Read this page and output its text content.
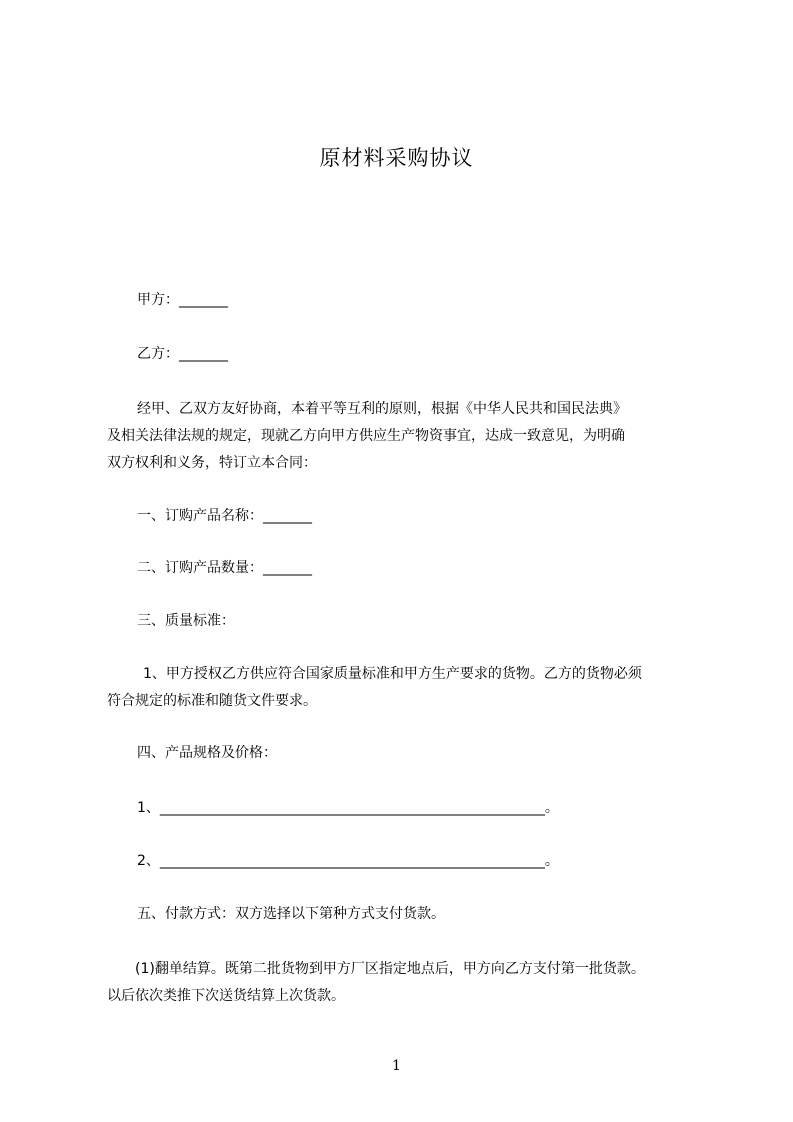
原材料采购协议
甲方：_______
乙方：_______
经甲、乙双方友好协商，本着平等互利的原则，根据《中华人民共和国民法典》
及相关法律法规的规定，现就乙方向甲方供应生产物资事宜，达成一致意见，为明确
双方权利和义务，特订立本合同：
一、订购产品名称：_______
二、订购产品数量：_______
三、质量标准：
1、甲方授权乙方供应符合国家质量标准和甲方生产要求的货物。乙方的货物必须
符合规定的标准和随货文件要求。
四、产品规格及价格：
1、_______________________________________________________。
2、_______________________________________________________。
五、付款方式：双方选择以下第种方式支付货款。
(1)翻单结算。既第二批货物到甲方厂区指定地点后，甲方向乙方支付第一批货款。
以后依次类推下次送货结算上次货款。
1
